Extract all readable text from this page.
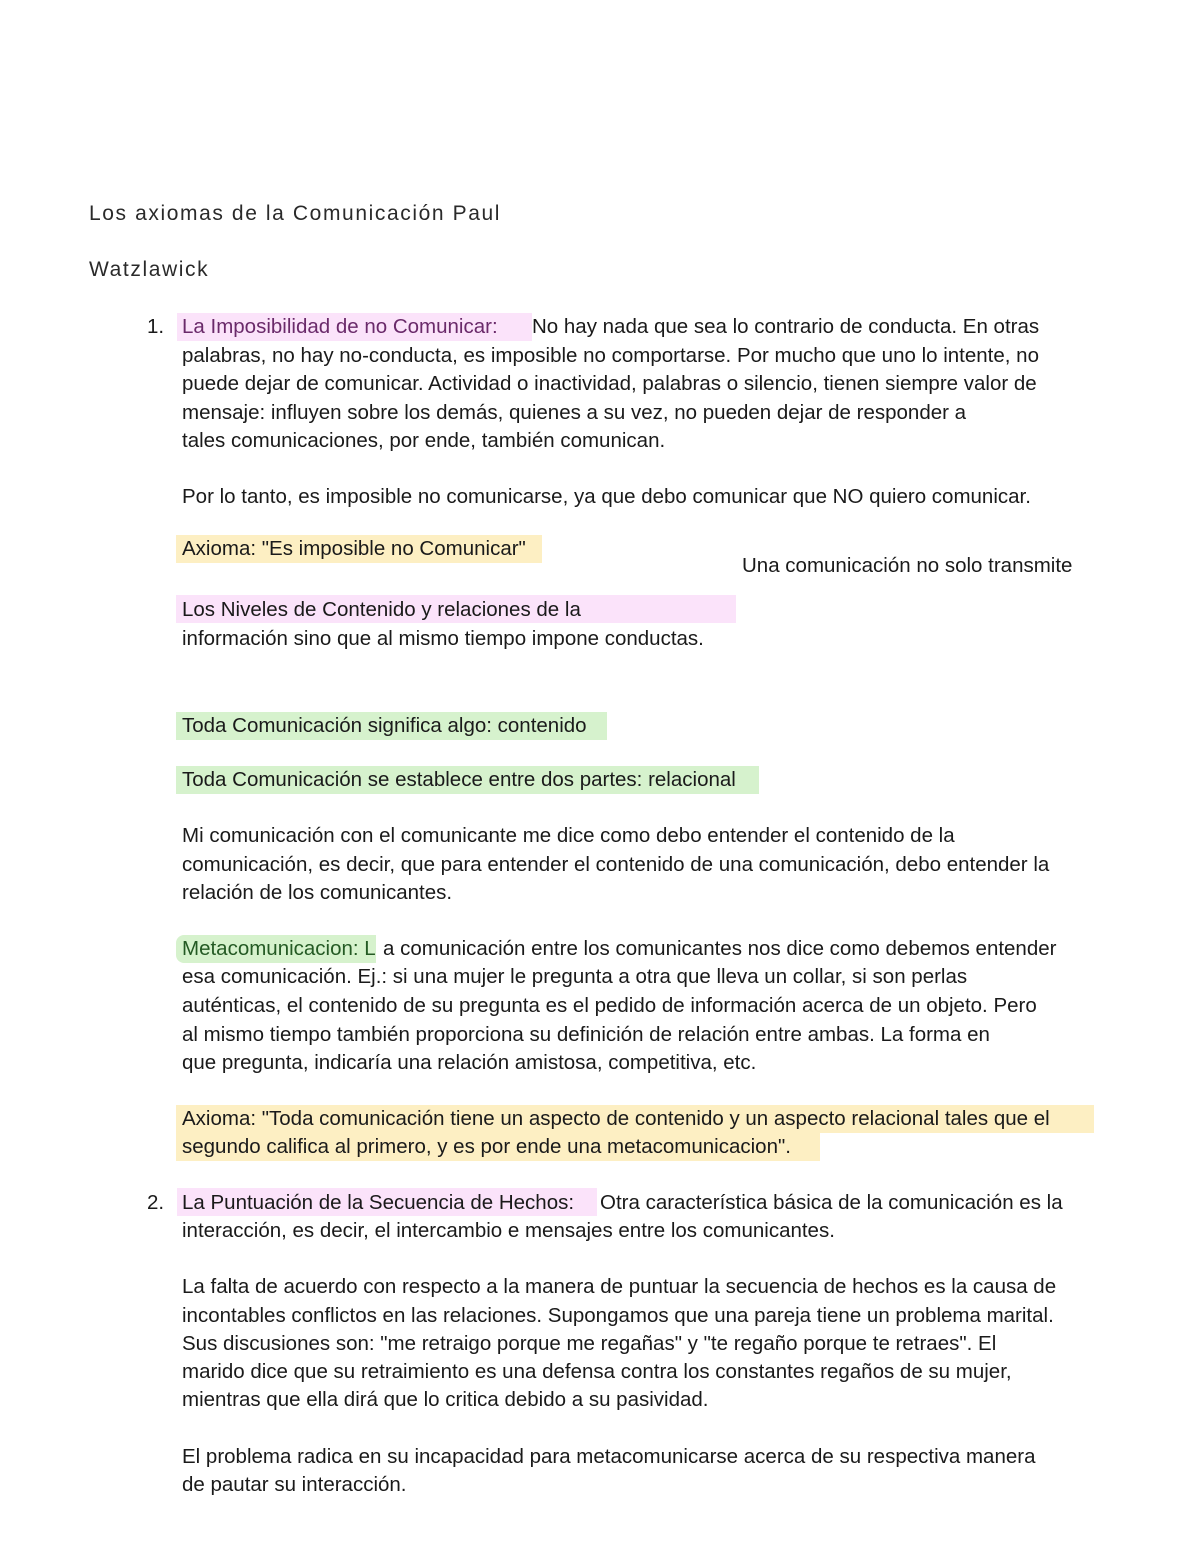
Los axiomas de la Comunicación Paul
Watzlawick
1. La Imposibilidad de no Comunicar: No hay nada que sea lo contrario de conducta. En otras
palabras, no hay no-conducta, es imposible no comportarse. Por mucho que uno lo intente, no
puede dejar de comunicar. Actividad o inactividad, palabras o silencio, tienen siempre valor de
mensaje: influyen sobre los demás, quienes a su vez, no pueden dejar de responder a
tales comunicaciones, por ende, también comunican.
Por lo tanto, es imposible no comunicarse, ya que debo comunicar que NO quiero comunicar.
Axioma: "Es imposible no Comunicar"
Una comunicación no solo transmite
Los Niveles de Contenido y relaciones de la
información sino que al mismo tiempo impone conductas.
Toda Comunicación significa algo: contenido
Toda Comunicación se establece entre dos partes: relacional
Mi comunicación con el comunicante me dice como debo entender el contenido de la
comunicación, es decir, que para entender el contenido de una comunicación, debo entender la
relación de los comunicantes.
Metacomunicacion: L a comunicación entre los comunicantes nos dice como debemos entender
esa comunicación. Ej.: si una mujer le pregunta a otra que lleva un collar, si son perlas
auténticas, el contenido de su pregunta es el pedido de información acerca de un objeto. Pero
al mismo tiempo también proporciona su definición de relación entre ambas. La forma en
que pregunta, indicaría una relación amistosa, competitiva, etc.
Axioma: "Toda comunicación tiene un aspecto de contenido y un aspecto relacional tales que el
segundo califica al primero, y es por ende una metacomunicacion".
2. La Puntuación de la Secuencia de Hechos: Otra característica básica de la comunicación es la
interacción, es decir, el intercambio e mensajes entre los comunicantes.
La falta de acuerdo con respecto a la manera de puntuar la secuencia de hechos es la causa de
incontables conflictos en las relaciones. Supongamos que una pareja tiene un problema marital.
Sus discusiones son: "me retraigo porque me regañas" y "te regaño porque te retraes". El
marido dice que su retraimiento es una defensa contra los constantes regaños de su mujer,
mientras que ella dirá que lo critica debido a su pasividad.
El problema radica en su incapacidad para metacomunicarse acerca de su respectiva manera
de pautar su interacción.
